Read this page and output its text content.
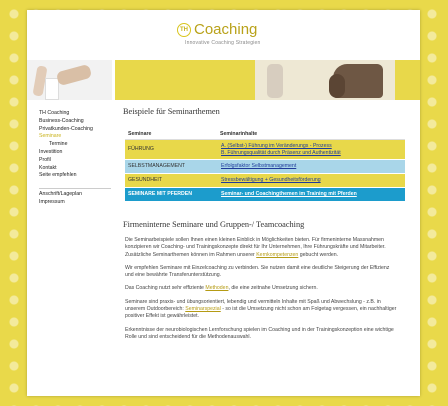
TH Coaching
Innovative Coaching Strategien
TH Coaching
Business-Coaching
Privatkunden-Coaching
Seminare
Termine
Investition
Profil
Kontakt
Seite empfehlen
Anschrift/Lageplan
Impressum
Beispiele für Seminarthemen
Seminare	Seminarinhalte
FÜHRUNG	A. (Selbst-) Führung im Veränderungs - Prozess
B. Führungsqualität durch Präsenz und Authentizität
SELBSTMANAGEMENT	Erfolgsfaktor Selbstmanagement
GESUNDHEIT	Stressbewältigung + Gesundheitsförderung
SEMINARE MIT PFERDEN	Seminar- und Coachingthemen im Training mit Pferden
Firmeninterne Seminare und Gruppen-/ Teamcoaching

Die Seminarbeispiele sollen Ihnen einen kleinen Einblick in Möglichkeiten bieten. Für firmeninterne Massnahmen konzipieren wir Coaching- und Trainingskonzepte direkt für Ihr Unternehmen, Ihre Führungskräfte und Mitarbeiter. Zusätzliche Seminarthemen können im Rahmen unserer Kernkompetenzen gebucht werden.

Wir empfehlen Seminare mit Einzelcoaching zu verbinden. Sie nutzen damit eine deutliche Steigerung der Effizienz und eine bewährte Transferunterstützung.

Das Coaching nutzt sehr effiziente Methoden, die eine zeitnahe Umsetzung sichern.

Seminare sind praxis- und übungsorientiert, lebendig und vermitteln Inhalte mit Spaß und Abwechslung - z.B. in unserem Outdoorbereich: Seminarspezial - so ist die Umsetzung nicht schon am Folgetag vergessen, ein nachhaltiger positiver Effekt ist gewährleistet.

Erkenntnisse der neurobiologischen Lernforschung spielen im Coaching und in der Trainingskonzeption eine wichtige Rolle und sind entscheidend für die Methodenauswahl.
